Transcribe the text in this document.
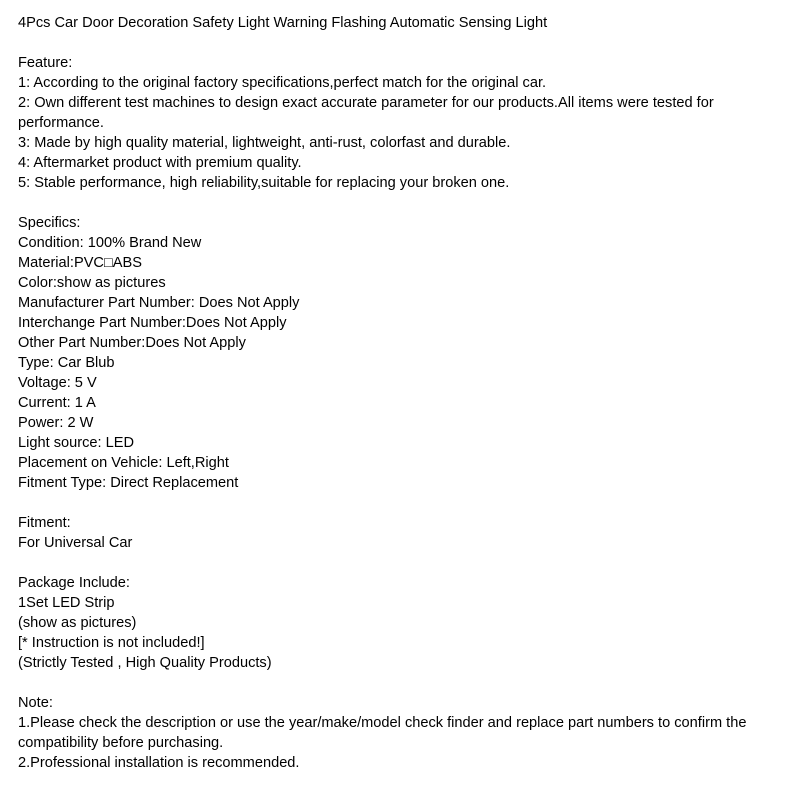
4Pcs Car Door Decoration Safety Light Warning Flashing Automatic Sensing Light
Feature:
1: According to the original factory specifications,perfect match for the original car.
2: Own different test machines to design exact accurate parameter for our products.All items were tested for performance.
3: Made by high quality material, lightweight, anti-rust, colorfast and durable.
4: Aftermarket product with premium quality.
5: Stable performance, high reliability,suitable for replacing your broken one.
Specifics:
Condition: 100% Brand New
Material:PVC□ABS
Color:show as pictures
Manufacturer Part Number: Does Not Apply
Interchange Part Number:Does Not Apply
Other Part Number:Does Not Apply
Type: Car Blub
Voltage: 5 V
Current: 1 A
Power: 2 W
Light source: LED
Placement on Vehicle: Left,Right
Fitment Type: Direct Replacement
Fitment:
For Universal Car
Package Include:
1Set LED Strip
(show as pictures)
[* Instruction is not included!]
(Strictly Tested , High Quality Products)
Note:
1.Please check the description or use the year/make/model check finder and replace part numbers to confirm the compatibility before purchasing.
2.Professional installation is recommended.
